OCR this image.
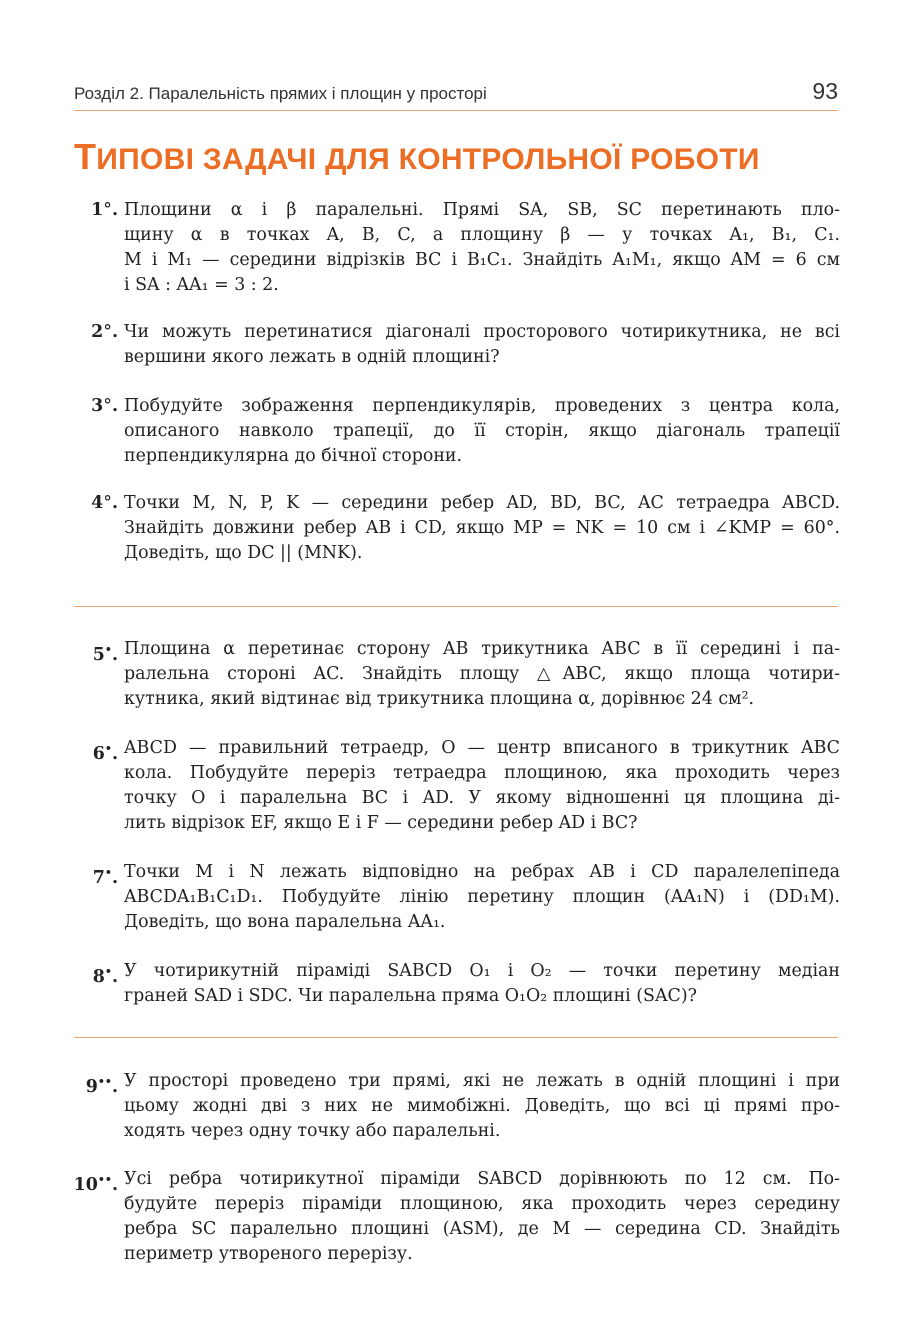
Розділ 2. Паралельність прямих і площин у просторі	93
ТИПОВІ ЗАДАЧІ ДЛЯ КОНТРОЛЬНОЇ РОБОТИ
1°. Площини α і β паралельні. Прямі SA, SB, SC перетинають пло-
щину α в точках A, B, C, а площину β — у точках A₁, B₁, C₁.
M і M₁ — середини відрізків BC і B₁C₁. Знайдіть A₁M₁, якщо AM = 6 см
і SA : AA₁ = 3 : 2.
2°. Чи можуть перетинатися діагоналі просторового чотирикутника, не всі
вершини якого лежать в одній площині?
3°. Побудуйте зображення перпендикулярів, проведених з центра кола,
описаного навколо трапеції, до її сторін, якщо діагональ трапеції
перпендикулярна до бічної сторони.
4°. Точки M, N, P, K — середини ребер AD, BD, BC, AC тетраедра ABCD.
Знайдіть довжини ребер AB і CD, якщо MP = NK = 10 см і ∠KMP = 60°.
Доведіть, що DC || (MNK).
5•. Площина α перетинає сторону AB трикутника ABC в її середині і па-
ралельна стороні AC. Знайдіть площу △ABC, якщо площа чотири-
кутника, який відтинає від трикутника площина α, дорівнює 24 см².
6•. ABCD — правильний тетраедр, O — центр вписаного в трикутник ABC
кола. Побудуйте переріз тетраедра площиною, яка проходить через
точку O і паралельна BC і AD. У якому відношенні ця площина ді-
лить відрізок EF, якщо E і F — середини ребер AD і BC?
7•. Точки M і N лежать відповідно на ребрах AB і CD паралелепіпеда
ABCDA₁B₁C₁D₁. Побудуйте лінію перетину площин (AA₁N) і (DD₁M).
Доведіть, що вона паралельна AA₁.
8•. У чотирикутній піраміді SABCD O₁ і O₂ — точки перетину медіан
граней SAD і SDC. Чи паралельна пряма O₁O₂ площині (SAC)?
9••. У просторі проведено три прямі, які не лежать в одній площині і при
цьому жодні дві з них не мимобіжні. Доведіть, що всі ці прямі про-
ходять через одну точку або паралельні.
10••. Усі ребра чотирикутної піраміди SABCD дорівнюють по 12 см. По-
будуйте переріз піраміди площиною, яка проходить через середину
ребра SC паралельно площині (ASM), де M — середина CD. Знайдіть
периметр утвореного перерізу.
